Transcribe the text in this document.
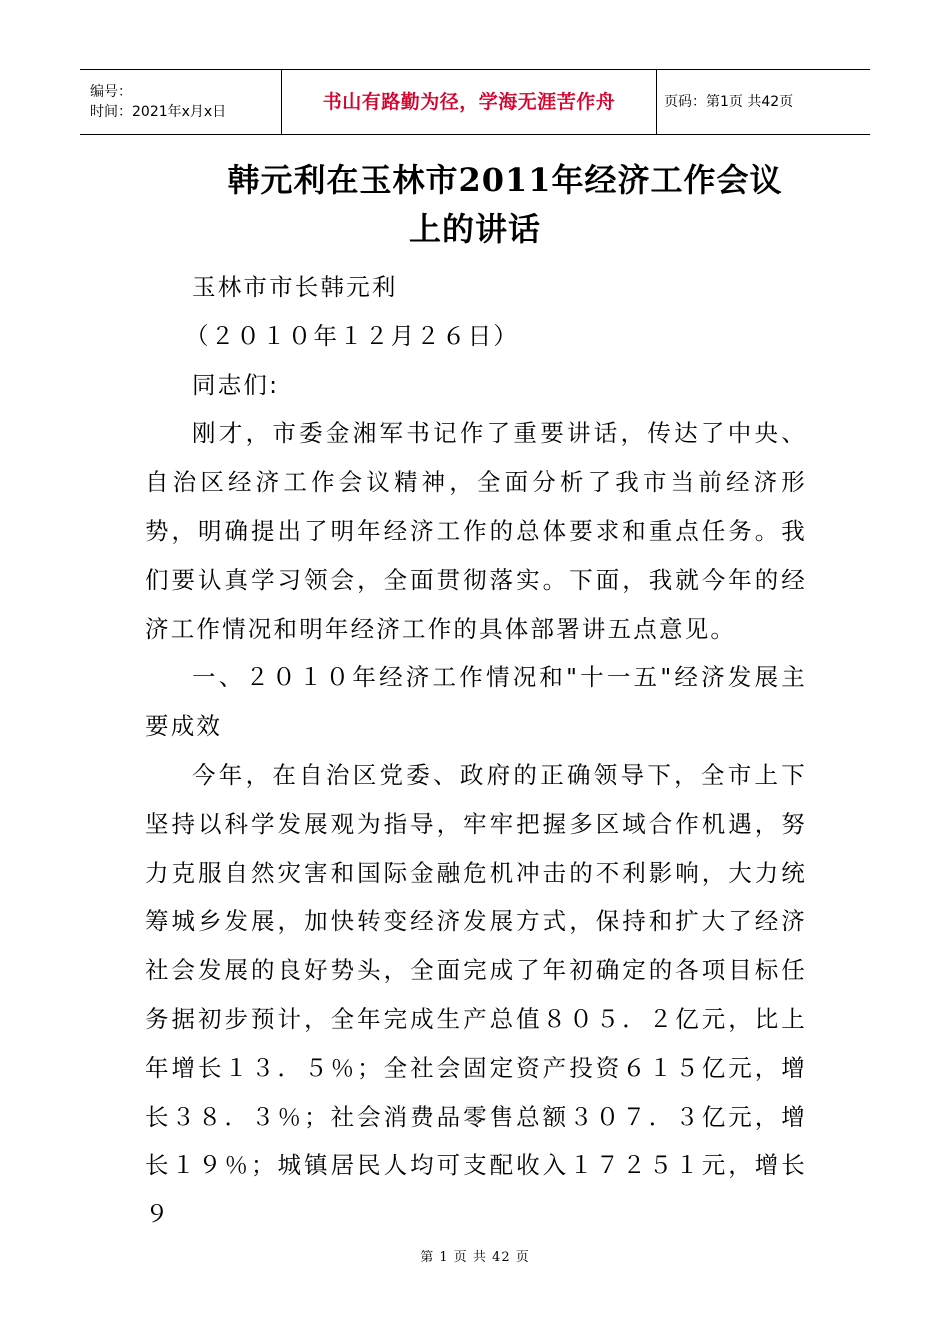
编号：
时间：2021年x月x日	书山有路勤为径，学海无涯苦作舟	页码：第1页 共42页
韩元利在玉林市2011年经济工作会议
上的讲话

玉林市市长韩元利

（２０１０年１２月２６日）

同志们:

刚才，市委金湘军书记作了重要讲话，传达了中央、自治区经济工作会议精神，全面分析了我市当前经济形势，明确提出了明年经济工作的总体要求和重点任务。我们要认真学习领会，全面贯彻落实。下面，我就今年的经济工作情况和明年经济工作的具体部署讲五点意见。

一、２０１０年经济工作情况和"十一五"经济发展主要成效

今年，在自治区党委、政府的正确领导下，全市上下坚持以科学发展观为指导，牢牢把握多区域合作机遇，努力克服自然灾害和国际金融危机冲击的不利影响，大力统筹城乡发展，加快转变经济发展方式，保持和扩大了经济社会发展的良好势头，全面完成了年初确定的各项目标任务据初步预计，全年完成生产总值８０５．２亿元，比上年增长１３．５％；全社会固定资产投资６１５亿元，增长３８．３％；社会消费品零售总额３０７．３亿元，增长１９％；城镇居民人均可支配收入１７２５１元，增长９

第 1 页 共 42 页
